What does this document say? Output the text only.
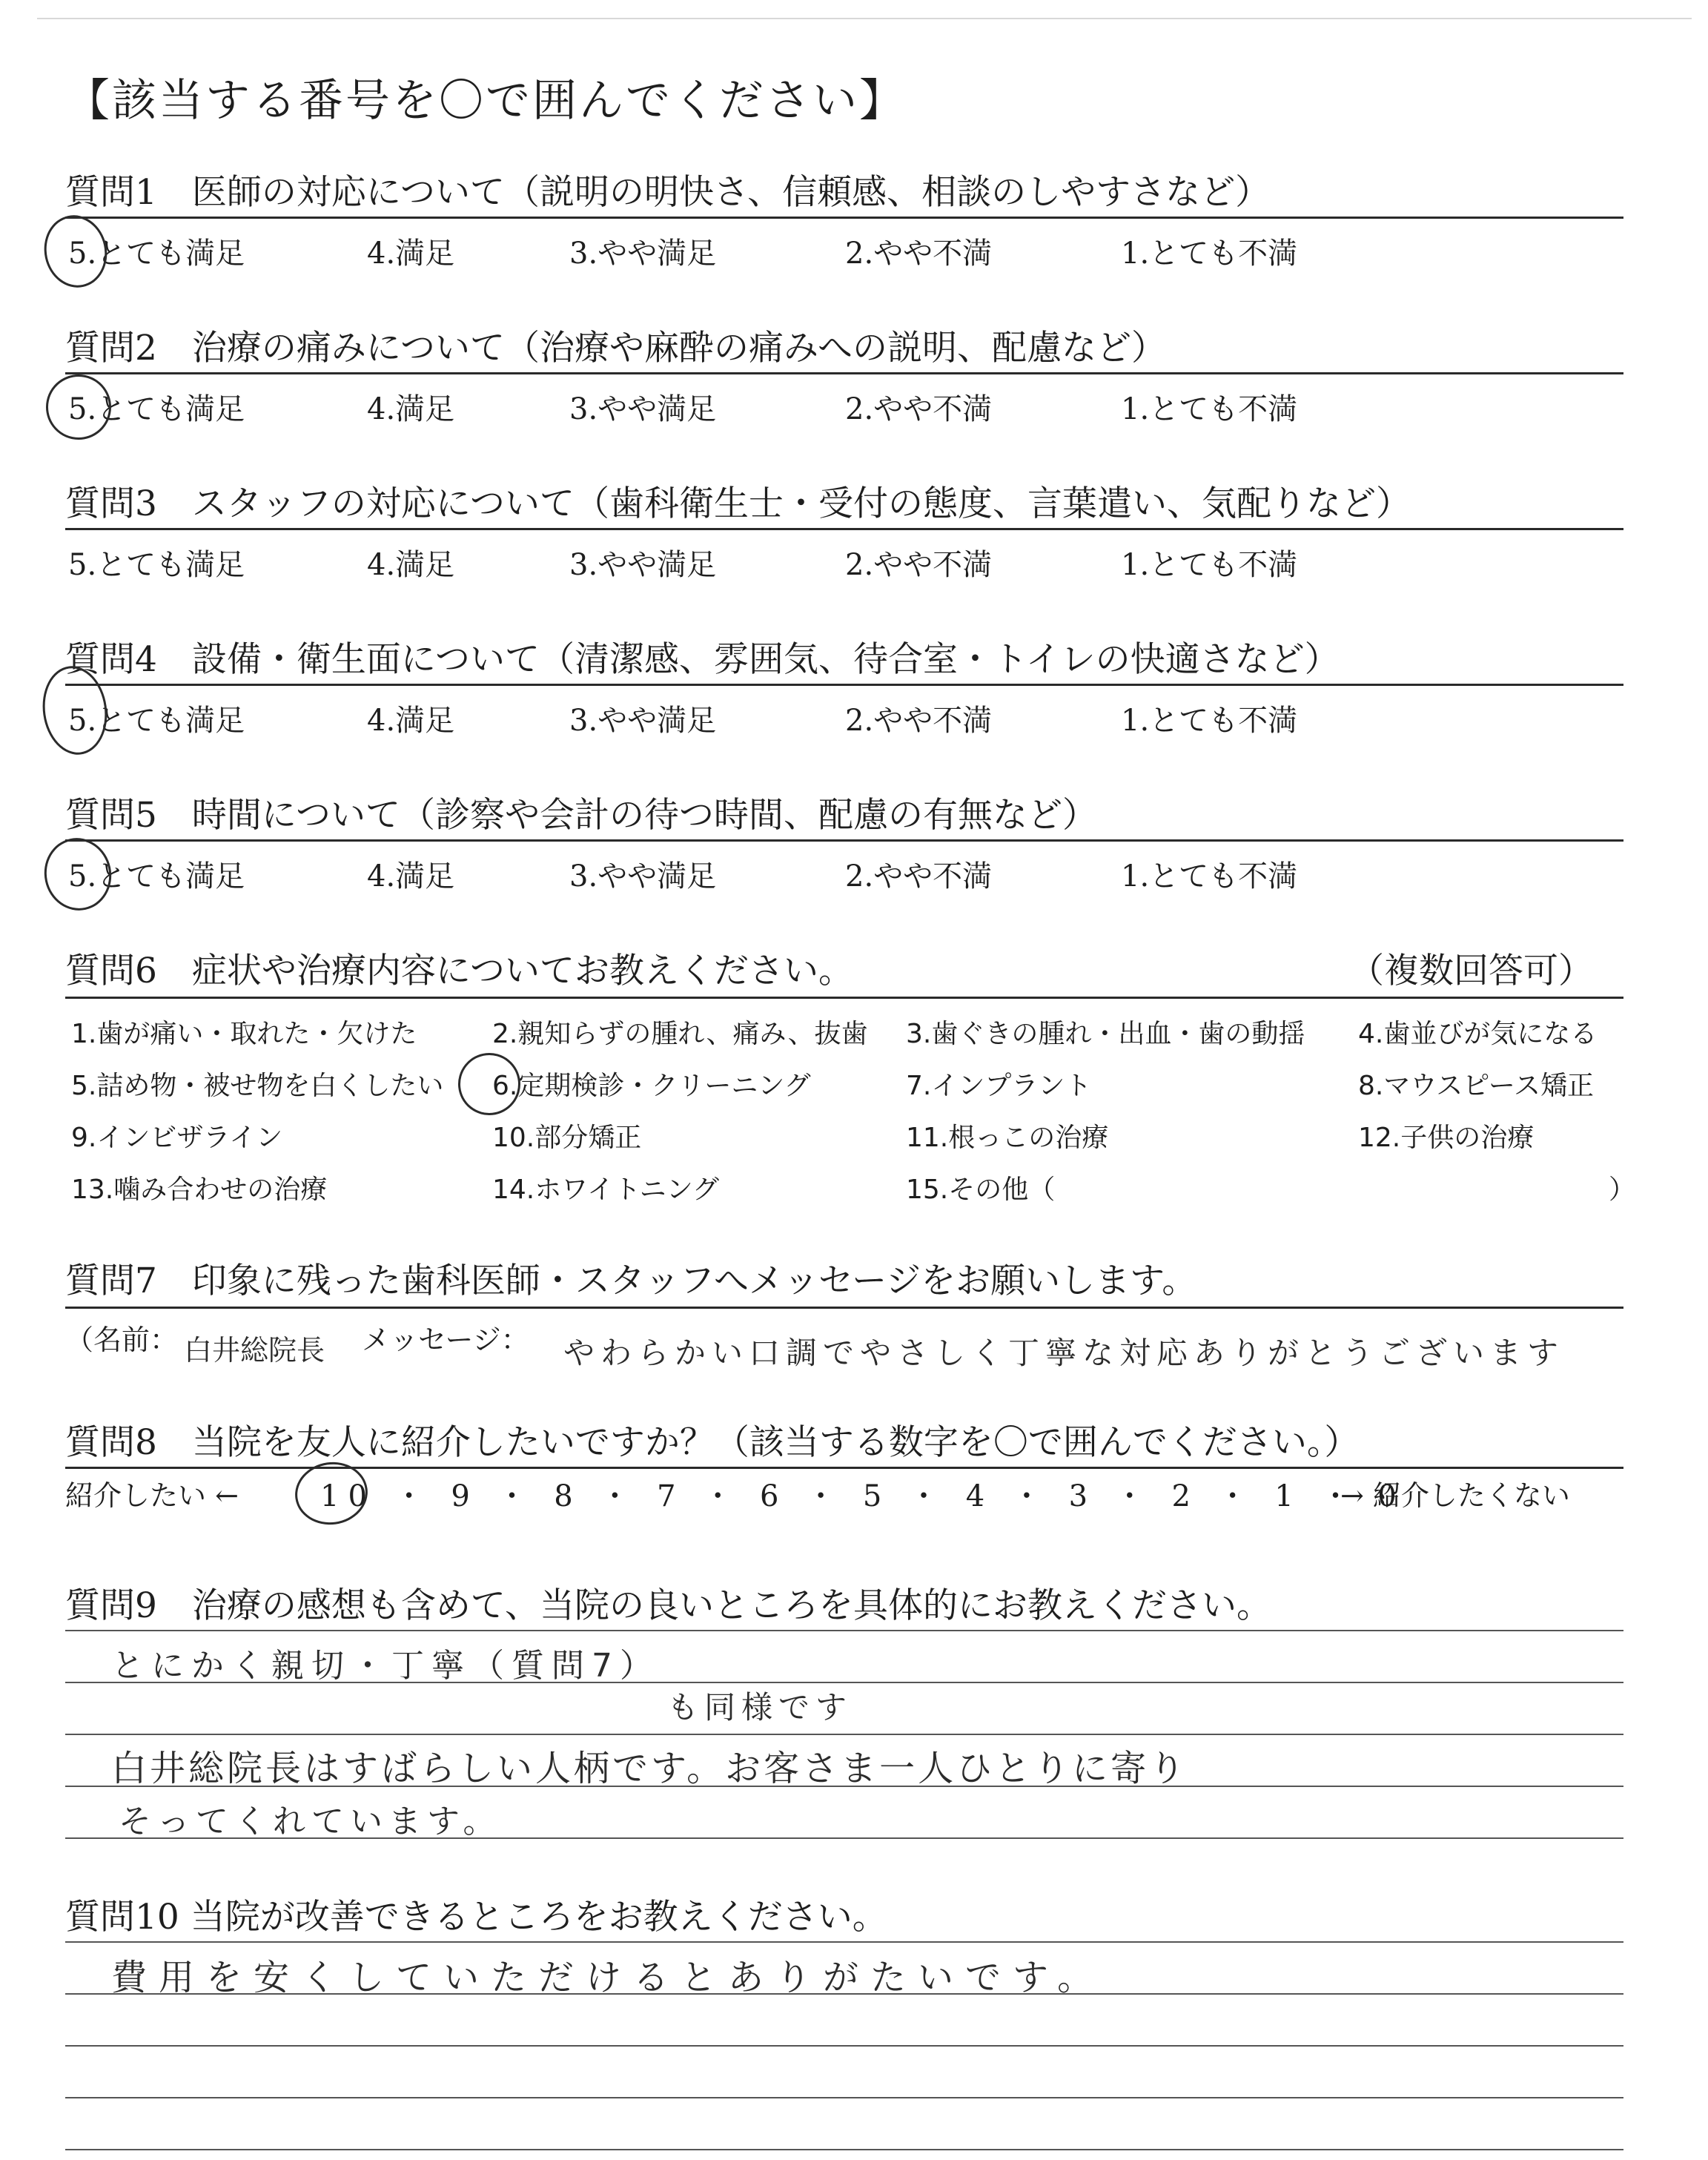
【該当する番号を〇で囲んでください】
質問1　医師の対応について（説明の明快さ、信頼感、相談のしやすさなど）
5.とても満足	4.満足	3.やや満足	2.やや不満	1.とても不満
質問2　治療の痛みについて（治療や麻酔の痛みへの説明、配慮など）
5.とても満足	4.満足	3.やや満足	2.やや不満	1.とても不満
質問3　スタッフの対応について（歯科衛生士・受付の態度、言葉遣い、気配りなど）
5.とても満足	4.満足	3.やや満足	2.やや不満	1.とても不満
質問4　設備・衛生面について（清潔感、雰囲気、待合室・トイレの快適さなど）
5.とても満足	4.満足	3.やや満足	2.やや不満	1.とても不満
質問5　時間について（診察や会計の待つ時間、配慮の有無など）
5.とても満足	4.満足	3.やや満足	2.やや不満	1.とても不満
質問6　症状や治療内容についてお教えください。	（複数回答可）
1.歯が痛い・取れた・欠けた	2.親知らずの腫れ、痛み、抜歯 3.歯ぐきの腫れ・出血・歯の動揺 4.歯並びが気になる
5.詰め物・被せ物を白くしたい 6.定期検診・クリーニング	7.インプラント	8.マウスピース矯正
9.インビザライン	10.部分矯正	11.根っこの治療	12.子供の治療
13.噛み合わせの治療	14.ホワイトニング	15.その他（	）
質問7　印象に残った歯科医師・スタッフへメッセージをお願いします。
（名前： 白井総院長 メッセージ： やわらかい口調でやさしく丁寧な対応ありがとうございます
質問8　当院を友人に紹介したいですか？（該当する数字を〇で囲んでください。）
紹介したい ←	10 ・ 9 ・ 8 ・ 7 ・ 6 ・ 5 ・ 4 ・ 3 ・ 2 ・ 1 ・ 0
→ 紹介したくない
質問9　治療の感想も含めて、当院の良いところを具体的にお教えください。
とにかく親切・丁寧（質問7）
も同様です
白井総院長はすばらしい人柄です。お客さま一人ひとりに寄り
そってくれています。
質問10 当院が改善できるところをお教えください。
費用を安くしていただけるとありがたいです。
